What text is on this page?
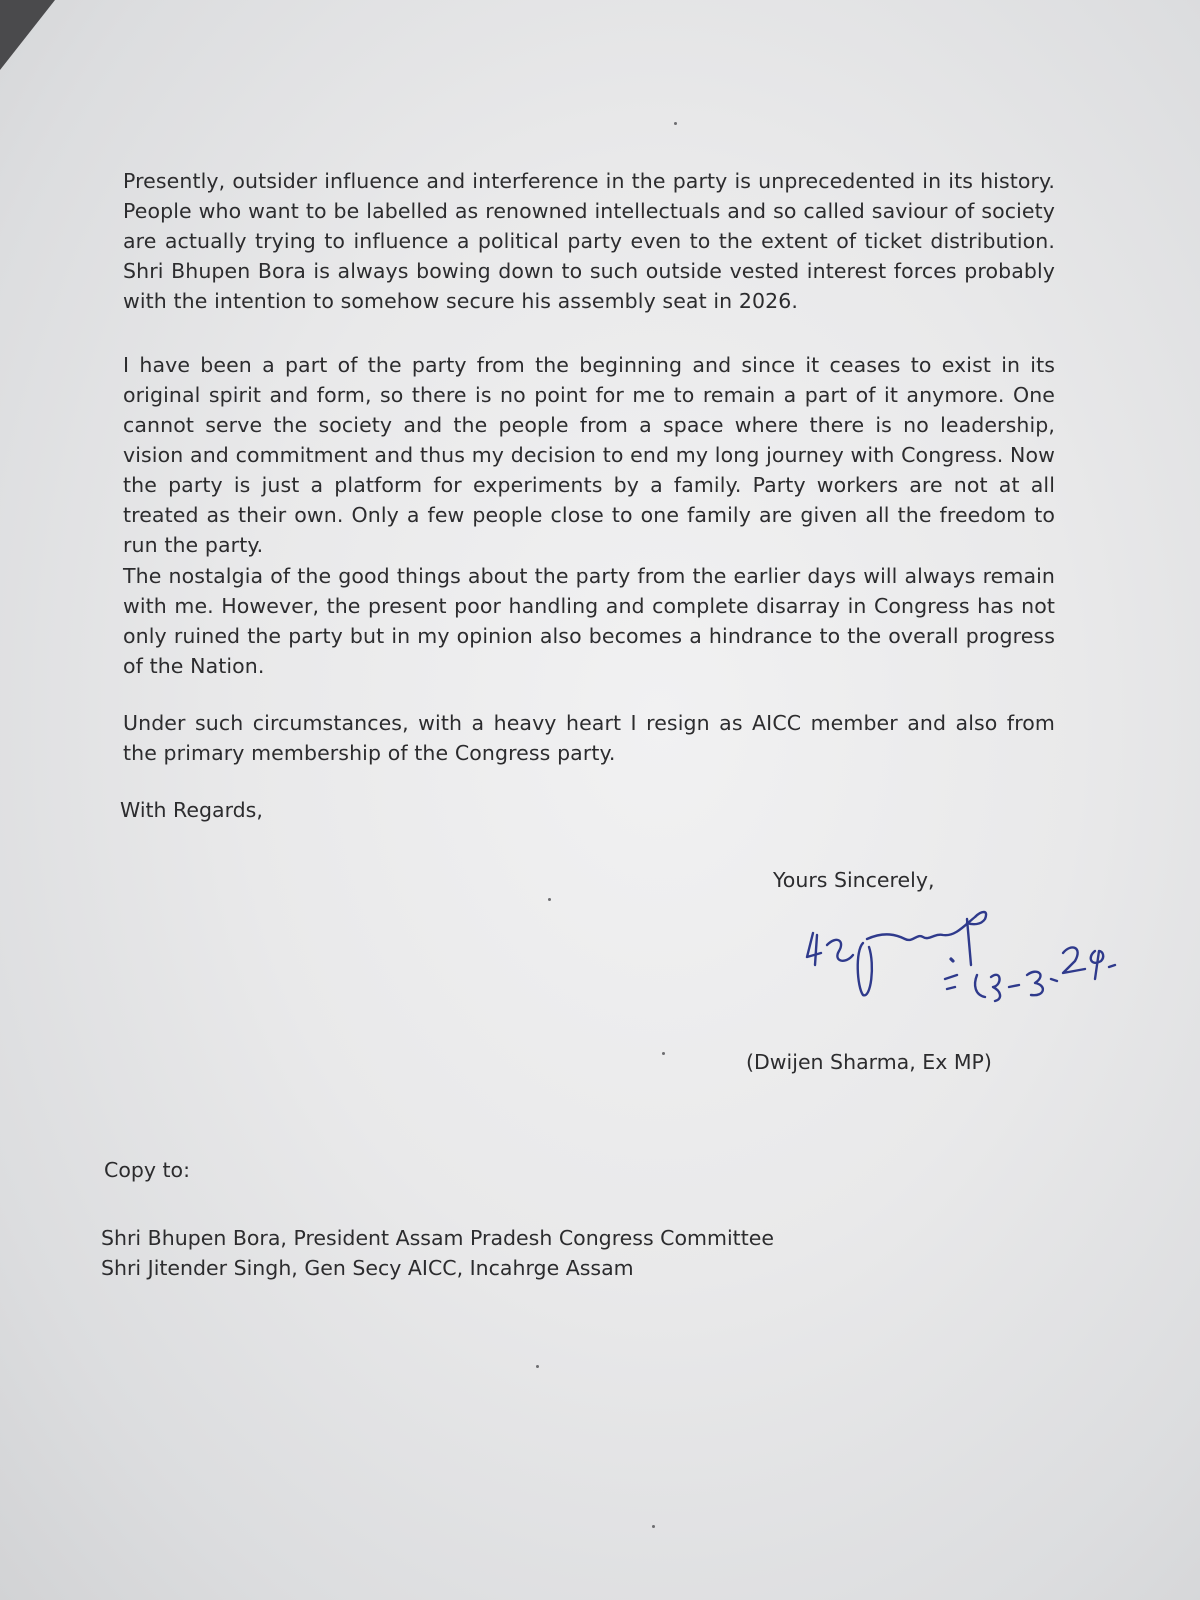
Presently, outsider influence and interference in the party is unprecedented in its history. People who want to be labelled as renowned intellectuals and so called saviour of society are actually trying to influence a political party even to the extent of ticket distribution. Shri Bhupen Bora is always bowing down to such outside vested interest forces probably with the intention to somehow secure his assembly seat in 2026.

I have been a part of the party from the beginning and since it ceases to exist in its original spirit and form, so there is no point for me to remain a part of it anymore. One cannot serve the society and the people from a space where there is no leadership, vision and commitment and thus my decision to end my long journey with Congress. Now the party is just a platform for experiments by a family. Party workers are not at all treated as their own. Only a few people close to one family are given all the freedom to run the party.

The nostalgia of the good things about the party from the earlier days will always remain with me. However, the present poor handling and complete disarray in Congress has not only ruined the party but in my opinion also becomes a hindrance to the overall progress of the Nation.

Under such circumstances, with a heavy heart I resign as AICC member and also from the primary membership of the Congress party.

With Regards,

Yours Sincerely,

(Dwijen Sharma, Ex MP)

Copy to:

Shri Bhupen Bora, President Assam Pradesh Congress Committee

Shri Jitender Singh, Gen Secy AICC, Incahrge Assam
